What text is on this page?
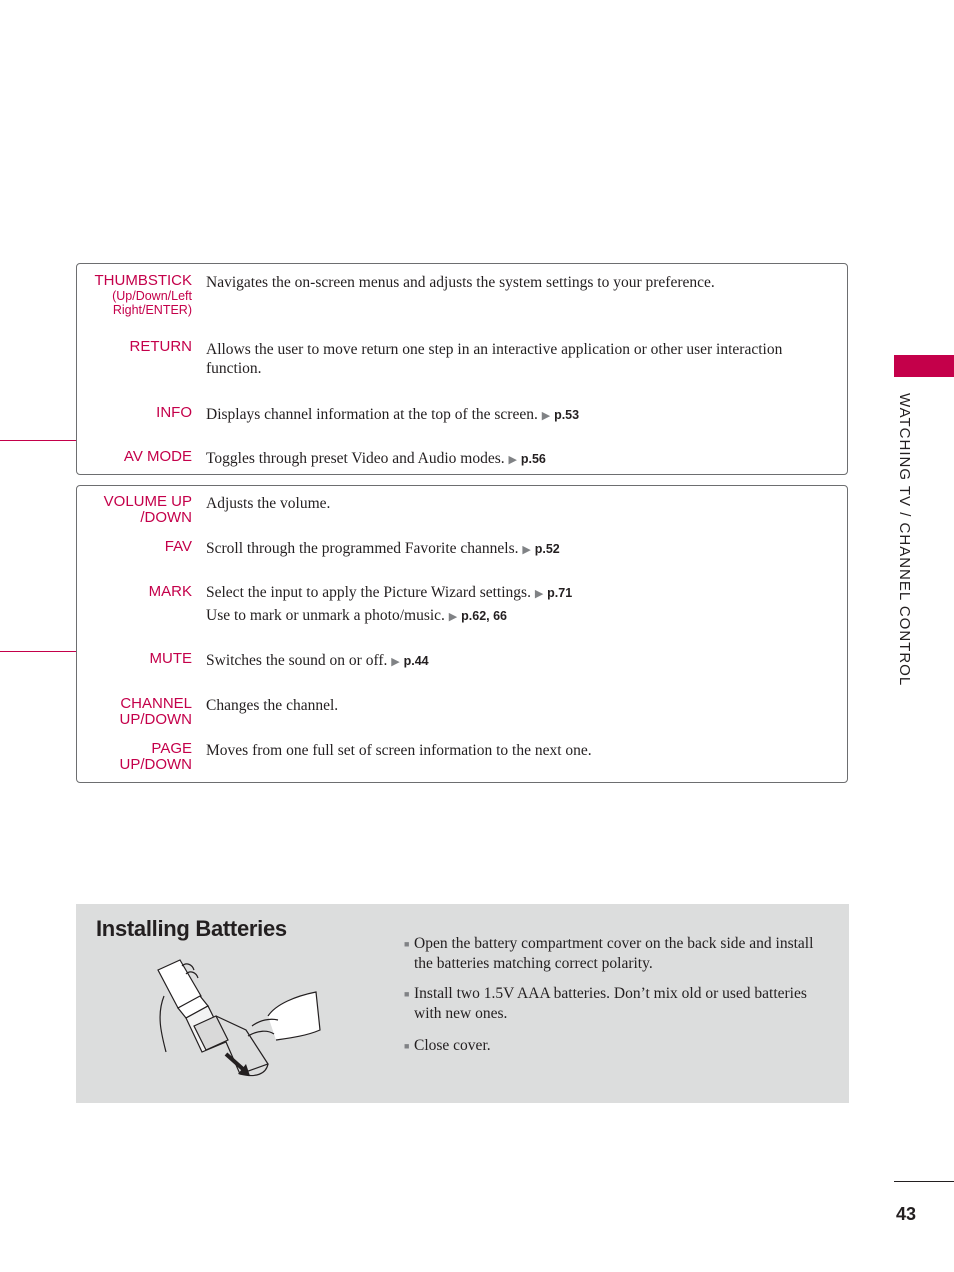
THUMBSTICK
(Up/Down/Left Right/ENTER)
Navigates the on-screen menus and adjusts the system settings to your preference.
RETURN Allows the user to move return one step in an interactive application or other user interaction function.
INFO Displays channel information at the top of the screen. ▶ p.53
AV MODE Toggles through preset Video and Audio modes. ▶ p.56
VOLUME UP /DOWN
Adjusts the volume.
FAV Scroll through the programmed Favorite channels. ▶ p.52
MARK Select the input to apply the Picture Wizard settings. ▶ p.71
Use to mark or unmark a photo/music. ▶ p.62, 66
MUTE Switches the sound on or off. ▶ p.44
CHANNEL UP/DOWN
Changes the channel.
PAGE UP/DOWN
Moves from one full set of screen information to the next one.
WATCHING TV / CHANNEL CONTROL
Installing Batteries
■ Open the battery compartment cover on the back side and install the batteries matching correct polarity.
■ Install two 1.5V AAA batteries. Don’t mix old or used batteries with new ones.
■ Close cover.
43
